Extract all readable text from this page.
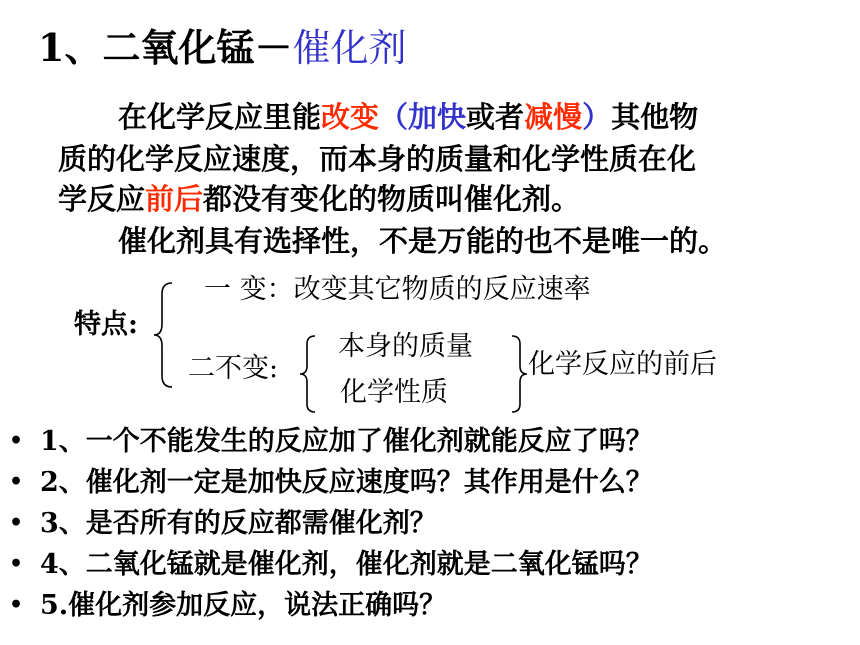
1、二氧化锰－催化剂
在化学反应里能改变（加快或者减慢）其他物
质的化学反应速度，而本身的质量和化学性质在化
学反应前后都没有变化的物质叫催化剂。
催化剂具有选择性，不是万能的也不是唯一的。
特点:
一 变：改变其它物质的反应速率
二不变:
本身的质量
化学性质
化学反应的前后
• 1、一个不能发生的反应加了催化剂就能反应了吗？
• 2、催化剂一定是加快反应速度吗？其作用是什么？
• 3、是否所有的反应都需催化剂？
• 4、二氧化锰就是催化剂，催化剂就是二氧化锰吗？
• 5.催化剂参加反应，说法正确吗？
